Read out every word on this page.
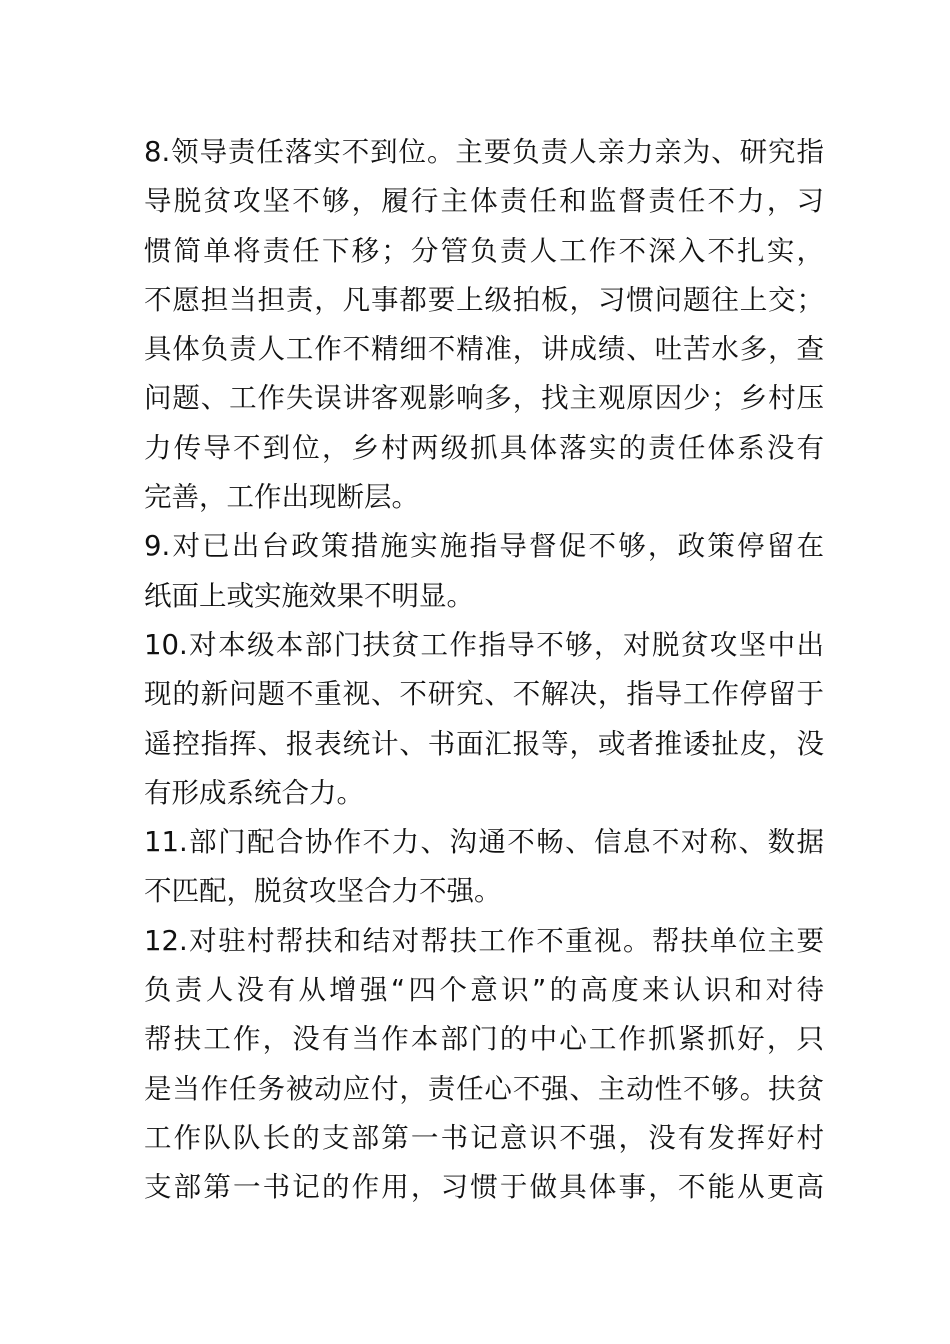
8.领导责任落实不到位。主要负责人亲力亲为、研究指
导脱贫攻坚不够，履行主体责任和监督责任不力，习
惯简单将责任下移；分管负责人工作不深入不扎实，
不愿担当担责，凡事都要上级拍板，习惯问题往上交；
具体负责人工作不精细不精准，讲成绩、吐苦水多，查
问题、工作失误讲客观影响多，找主观原因少；乡村压
力传导不到位，乡村两级抓具体落实的责任体系没有
完善，工作出现断层。
9.对已出台政策措施实施指导督促不够，政策停留在
纸面上或实施效果不明显。
10.对本级本部门扶贫工作指导不够，对脱贫攻坚中出
现的新问题不重视、不研究、不解决，指导工作停留于
遥控指挥、报表统计、书面汇报等，或者推诿扯皮，没
有形成系统合力。
11.部门配合协作不力、沟通不畅、信息不对称、数据
不匹配，脱贫攻坚合力不强。
12.对驻村帮扶和结对帮扶工作不重视。帮扶单位主要
负责人没有从增强“四个意识”的高度来认识和对待
帮扶工作，没有当作本部门的中心工作抓紧抓好，只
是当作任务被动应付，责任心不强、主动性不够。扶贫
工作队队长的支部第一书记意识不强，没有发挥好村
支部第一书记的作用，习惯于做具体事，不能从更高
